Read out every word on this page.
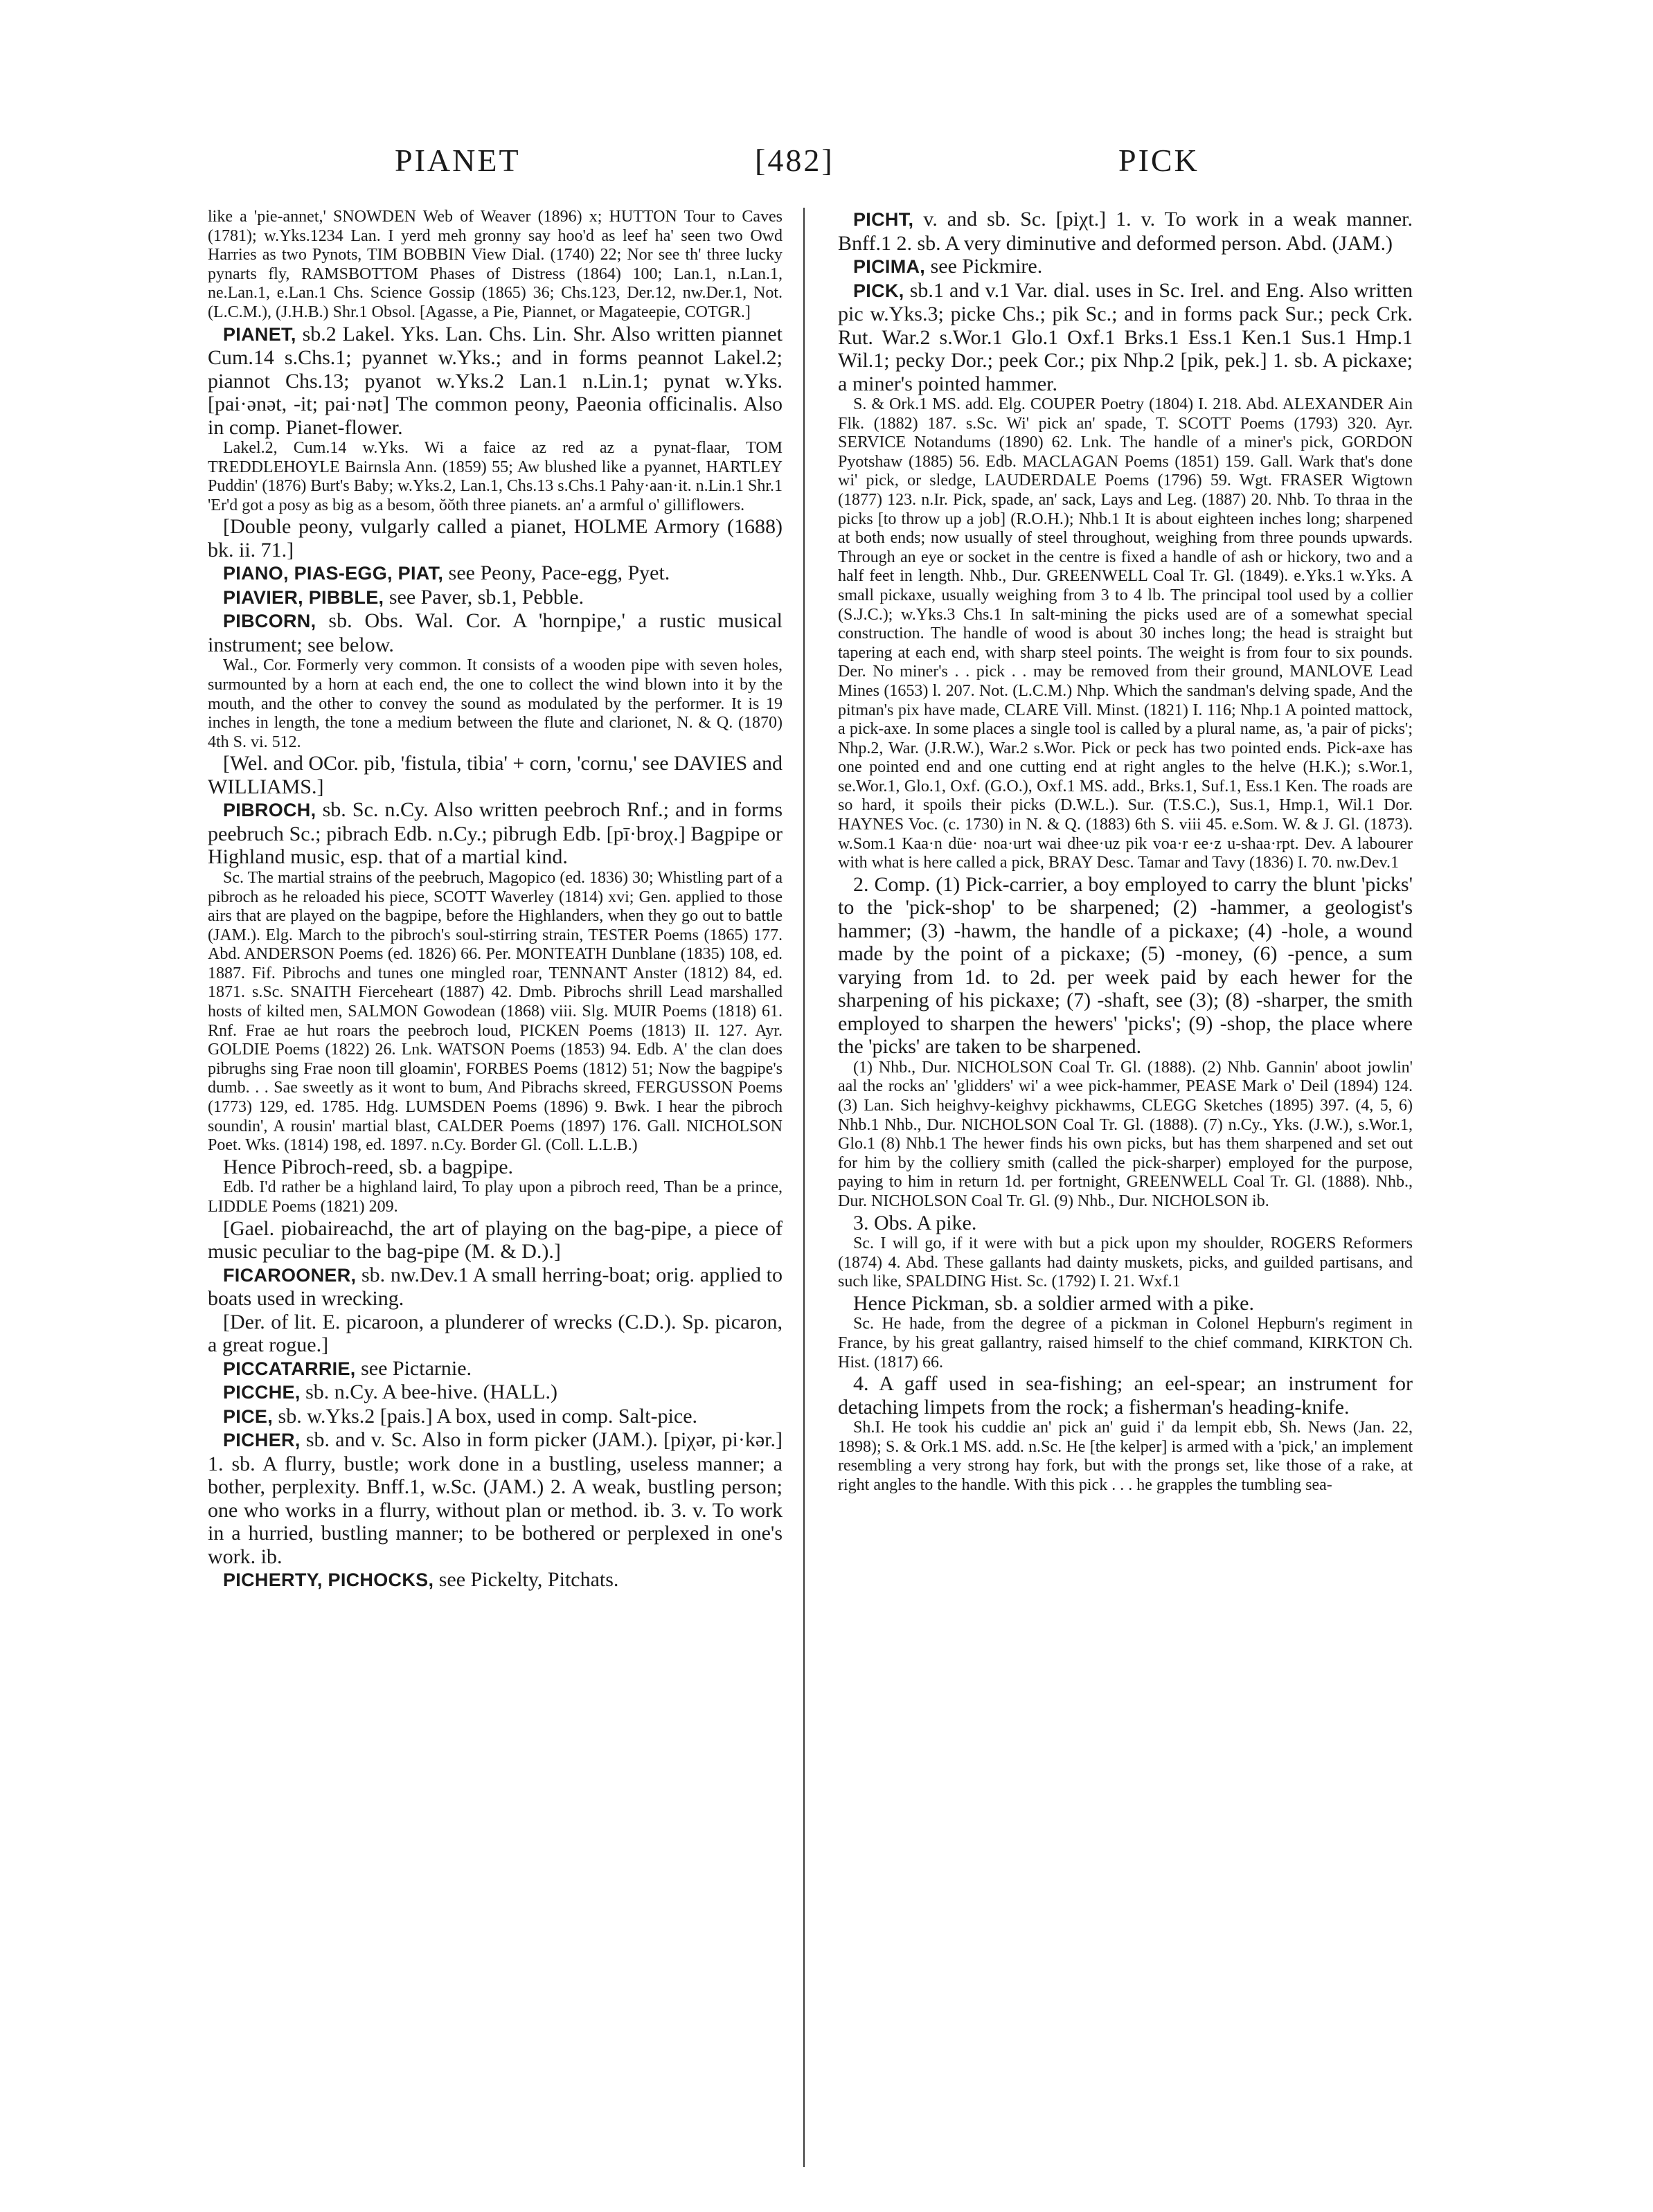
PIANET	[482]	PICK

like a 'pie-annet,' SNOWDEN Web of Weaver (1896) x; HUTTON Tour to Caves (1781); w.Yks.1234 Lan. I yerd meh gronny say hoo'd as leef ha' seen two Owd Harries as two Pynots, TIM BOBBIN View Dial. (1740) 22; Nor see th' three lucky pynarts fly, RAMSBOTTOM Phases of Distress (1864) 100; Lan.1, n.Lan.1, ne.Lan.1, e.Lan.1 Chs. Science Gossip (1865) 36; Chs.123, Der.12, nw.Der.1, Not. (L.C.M.), (J.H.B.) Shr.1 Obsol. [Agasse, a Pie, Piannet, or Magateepie, COTGR.]

PIANET, sb.2 Lakel. Yks. Lan. Chs. Lin. Shr. Also written piannet Cum.14 s.Chs.1; pyannet w.Yks.; and in forms peannot Lakel.2; piannot Chs.13; pyanot w.Yks.2 Lan.1 n.Lin.1; pynat w.Yks. [pai·ənət, -it; pai·nət] The common peony, Paeonia officinalis. Also in comp. Pianet-flower.

Lakel.2, Cum.14 w.Yks. Wi a faice az red az a pynat-flaar, TOM TREDDLEHOYLE Bairnsla Ann. (1859) 55; Aw blushed like a pyannet, HARTLEY Puddin' (1876) Burt's Baby; w.Yks.2, Lan.1, Chs.13 s.Chs.1 Pahy·aan·it. n.Lin.1 Shr.1 'Er'd got a posy as big as a besom, ŏŏth three pianets. an' a armful o' gilliflowers.

[Double peony, vulgarly called a pianet, HOLME Armory (1688) bk. ii. 71.]

PIANO, PIAS-EGG, PIAT, see Peony, Pace-egg, Pyet.

PIAVIER, PIBBLE, see Paver, sb.1, Pebble.

PIBCORN, sb. Obs. Wal. Cor. A 'hornpipe,' a rustic musical instrument; see below.

Wal., Cor. Formerly very common. It consists of a wooden pipe with seven holes, surmounted by a horn at each end, the one to collect the wind blown into it by the mouth, and the other to convey the sound as modulated by the performer. It is 19 inches in length, the tone a medium between the flute and clarionet, N. & Q. (1870) 4th S. vi. 512.

[Wel. and OCor. pib, 'fistula, tibia' + corn, 'cornu,' see DAVIES and WILLIAMS.]

PIBROCH, sb. Sc. n.Cy. Also written peebroch Rnf.; and in forms peebruch Sc.; pibrach Edb. n.Cy.; pibrugh Edb. [pī·broχ.] Bagpipe or Highland music, esp. that of a martial kind.

Sc. The martial strains of the peebruch, Magopico (ed. 1836) 30; Whistling part of a pibroch as he reloaded his piece, SCOTT Waverley (1814) xvi; Gen. applied to those airs that are played on the bagpipe, before the Highlanders, when they go out to battle (JAM.). Elg. March to the pibroch's soul-stirring strain, TESTER Poems (1865) 177. Abd. ANDERSON Poems (ed. 1826) 66. Per. MONTEATH Dunblane (1835) 108, ed. 1887. Fif. Pibrochs and tunes one mingled roar, TENNANT Anster (1812) 84, ed. 1871. s.Sc. SNAITH Fierceheart (1887) 42. Dmb. Pibrochs shrill Lead marshalled hosts of kilted men, SALMON Gowodean (1868) viii. Slg. MUIR Poems (1818) 61. Rnf. Frae ae hut roars the peebroch loud, PICKEN Poems (1813) II. 127. Ayr. GOLDIE Poems (1822) 26. Lnk. WATSON Poems (1853) 94. Edb. A' the clan does pibrughs sing Frae noon till gloamin', FORBES Poems (1812) 51; Now the bagpipe's dumb. . . Sae sweetly as it wont to bum, And Pibrachs skreed, FERGUSSON Poems (1773) 129, ed. 1785. Hdg. LUMSDEN Poems (1896) 9. Bwk. I hear the pibroch soundin', A rousin' martial blast, CALDER Poems (1897) 176. Gall. NICHOLSON Poet. Wks. (1814) 198, ed. 1897. n.Cy. Border Gl. (Coll. L.L.B.)

Hence Pibroch-reed, sb. a bagpipe.

Edb. I'd rather be a highland laird, To play upon a pibroch reed, Than be a prince, LIDDLE Poems (1821) 209.

[Gael. piobaireachd, the art of playing on the bag-pipe, a piece of music peculiar to the bag-pipe (M. & D.).]

FICAROONER, sb. nw.Dev.1 A small herring-boat; orig. applied to boats used in wrecking.

[Der. of lit. E. picaroon, a plunderer of wrecks (C.D.). Sp. picaron, a great rogue.]

PICCATARRIE, see Pictarnie.

PICCHE, sb. n.Cy. A bee-hive. (HALL.)

PICE, sb. w.Yks.2 [pais.] A box, used in comp. Salt-pice.

PICHER, sb. and v. Sc. Also in form picker (JAM.). [piχər, pi·kər.] 1. sb. A flurry, bustle; work done in a bustling, useless manner; a bother, perplexity. Bnff.1, w.Sc. (JAM.) 2. A weak, bustling person; one who works in a flurry, without plan or method. ib. 3. v. To work in a hurried, bustling manner; to be bothered or perplexed in one's work. ib.

PICHERTY, PICHOCKS, see Pickelty, Pitchats.

PICHT, v. and sb. Sc. [piχt.] 1. v. To work in a weak manner. Bnff.1 2. sb. A very diminutive and deformed person. Abd. (JAM.)

PICIMA, see Pickmire.

PICK, sb.1 and v.1 Var. dial. uses in Sc. Irel. and Eng. Also written pic w.Yks.3; picke Chs.; pik Sc.; and in forms pack Sur.; peck Crk. Rut. War.2 s.Wor.1 Glo.1 Oxf.1 Brks.1 Ess.1 Ken.1 Sus.1 Hmp.1 Wil.1; pecky Dor.; peek Cor.; pix Nhp.2 [pik, pek.] 1. sb. A pickaxe; a miner's pointed hammer.

S. & Ork.1 MS. add. Elg. COUPER Poetry (1804) I. 218. Abd. ALEXANDER Ain Flk. (1882) 187. s.Sc. Wi' pick an' spade, T. SCOTT Poems (1793) 320. Ayr. SERVICE Notandums (1890) 62. Lnk. The handle of a miner's pick, GORDON Pyotshaw (1885) 56. Edb. MACLAGAN Poems (1851) 159. Gall. Wark that's done wi' pick, or sledge, LAUDERDALE Poems (1796) 59. Wgt. FRASER Wigtown (1877) 123. n.Ir. Pick, spade, an' sack, Lays and Leg. (1887) 20. Nhb. To thraa in the picks [to throw up a job] (R.O.H.); Nhb.1 It is about eighteen inches long; sharpened at both ends; now usually of steel throughout, weighing from three pounds upwards. Through an eye or socket in the centre is fixed a handle of ash or hickory, two and a half feet in length. Nhb., Dur. GREENWELL Coal Tr. Gl. (1849). e.Yks.1 w.Yks. A small pickaxe, usually weighing from 3 to 4 lb. The principal tool used by a collier (S.J.C.); w.Yks.3 Chs.1 In salt-mining the picks used are of a somewhat special construction. The handle of wood is about 30 inches long; the head is straight but tapering at each end, with sharp steel points. The weight is from four to six pounds. Der. No miner's . . pick . . may be removed from their ground, MANLOVE Lead Mines (1653) l. 207. Not. (L.C.M.) Nhp. Which the sandman's delving spade, And the pitman's pix have made, CLARE Vill. Minst. (1821) I. 116; Nhp.1 A pointed mattock, a pick-axe. In some places a single tool is called by a plural name, as, 'a pair of picks'; Nhp.2, War. (J.R.W.), War.2 s.Wor. Pick or peck has two pointed ends. Pick-axe has one pointed end and one cutting end at right angles to the helve (H.K.); s.Wor.1, se.Wor.1, Glo.1, Oxf. (G.O.), Oxf.1 MS. add., Brks.1, Suf.1, Ess.1 Ken. The roads are so hard, it spoils their picks (D.W.L.). Sur. (T.S.C.), Sus.1, Hmp.1, Wil.1 Dor. HAYNES Voc. (c. 1730) in N. & Q. (1883) 6th S. viii 45. e.Som. W. & J. Gl. (1873). w.Som.1 Kaa·n düe· noa·urt wai dhee·uz pik voa·r ee·z u-shaa·rpt. Dev. A labourer with what is here called a pick, BRAY Desc. Tamar and Tavy (1836) I. 70. nw.Dev.1

2. Comp. (1) Pick-carrier, a boy employed to carry the blunt 'picks' to the 'pick-shop' to be sharpened; (2) -hammer, a geologist's hammer; (3) -hawm, the handle of a pickaxe; (4) -hole, a wound made by the point of a pickaxe; (5) -money, (6) -pence, a sum varying from 1d. to 2d. per week paid by each hewer for the sharpening of his pickaxe; (7) -shaft, see (3); (8) -sharper, the smith employed to sharpen the hewers' 'picks'; (9) -shop, the place where the 'picks' are taken to be sharpened.

(1) Nhb., Dur. NICHOLSON Coal Tr. Gl. (1888). (2) Nhb. Gannin' aboot jowlin' aal the rocks an' 'glidders' wi' a wee pick-hammer, PEASE Mark o' Deil (1894) 124. (3) Lan. Sich heighvy-keighvy pickhawms, CLEGG Sketches (1895) 397. (4, 5, 6) Nhb.1 Nhb., Dur. NICHOLSON Coal Tr. Gl. (1888). (7) n.Cy., Yks. (J.W.), s.Wor.1, Glo.1 (8) Nhb.1 The hewer finds his own picks, but has them sharpened and set out for him by the colliery smith (called the pick-sharper) employed for the purpose, paying to him in return 1d. per fortnight, GREENWELL Coal Tr. Gl. (1888). Nhb., Dur. NICHOLSON Coal Tr. Gl. (9) Nhb., Dur. NICHOLSON ib.

3. Obs. A pike.

Sc. I will go, if it were with but a pick upon my shoulder, ROGERS Reformers (1874) 4. Abd. These gallants had dainty muskets, picks, and guilded partisans, and such like, SPALDING Hist. Sc. (1792) I. 21. Wxf.1

Hence Pickman, sb. a soldier armed with a pike.

Sc. He hade, from the degree of a pickman in Colonel Hepburn's regiment in France, by his great gallantry, raised himself to the chief command, KIRKTON Ch. Hist. (1817) 66.

4. A gaff used in sea-fishing; an eel-spear; an instrument for detaching limpets from the rock; a fisherman's heading-knife.

Sh.I. He took his cuddie an' pick an' guid i' da lempit ebb, Sh. News (Jan. 22, 1898); S. & Ork.1 MS. add. n.Sc. He [the kelper] is armed with a 'pick,' an implement resembling a very strong hay fork, but with the prongs set, like those of a rake, at right angles to the handle. With this pick . . . he grapples the tumbling sea-
